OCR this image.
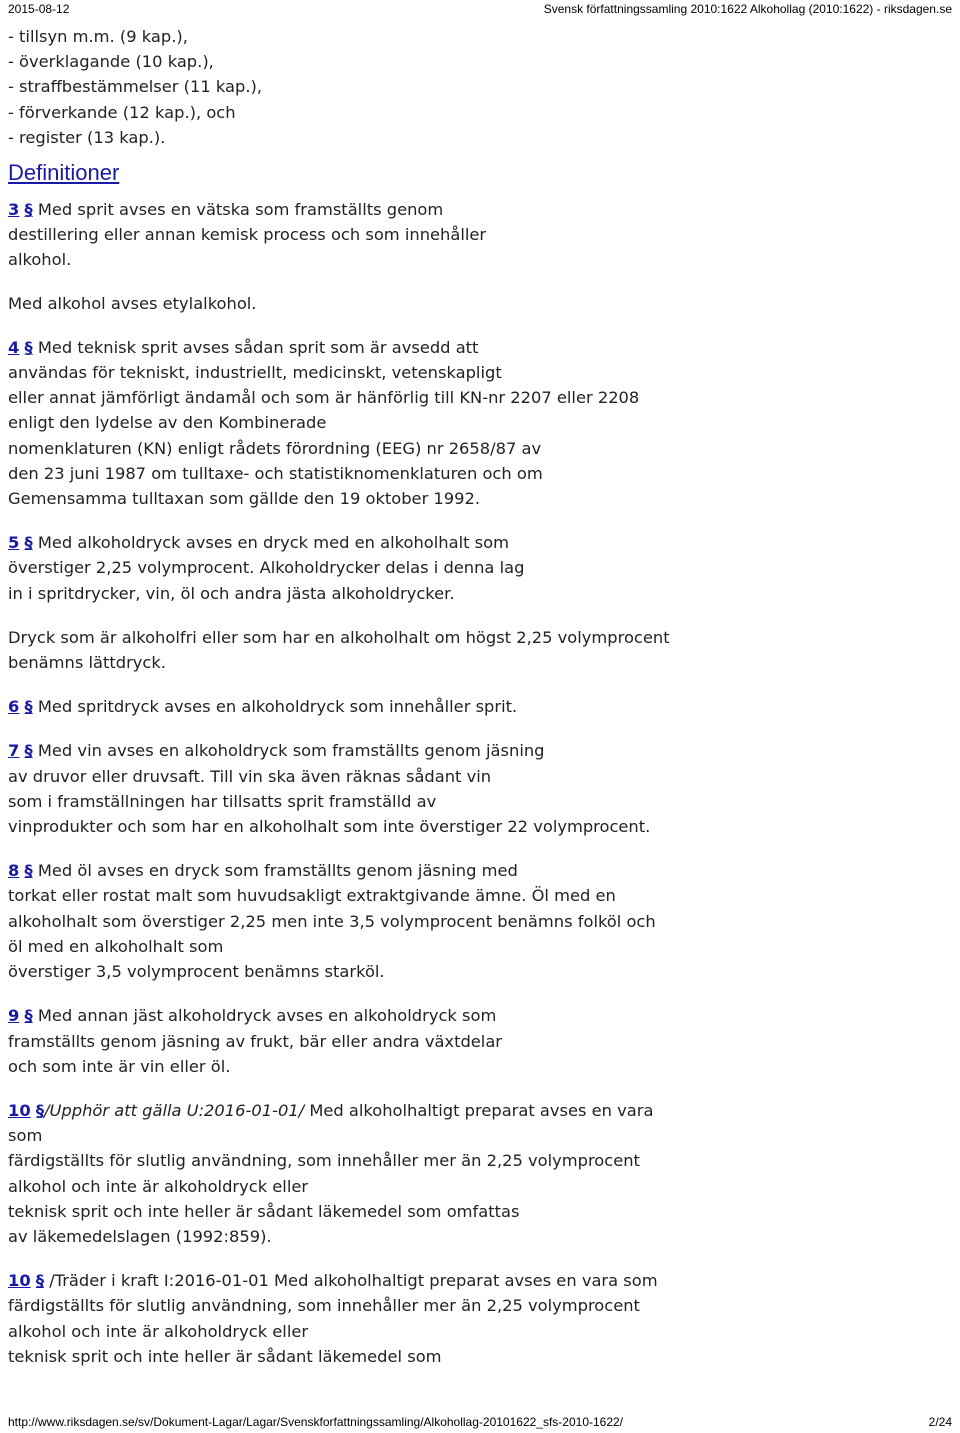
2015-08-12	Svensk författningssamling 2010:1622 Alkohollag (2010:1622) - riksdagen.se
- tillsyn m.m. (9 kap.),
- överklagande (10 kap.),
- straffbestämmelser (11 kap.),
- förverkande (12 kap.), och
- register (13 kap.).
Definitioner
3 § Med sprit avses en vätska som framställts genom
destillering eller annan kemisk process och som innehåller
alkohol.
Med alkohol avses etylalkohol.
4 § Med teknisk sprit avses sådan sprit som är avsedd att
användas för tekniskt, industriellt, medicinskt, vetenskapligt
eller annat jämförligt ändamål och som är hänförlig till KN-nr 2207 eller 2208
enligt den lydelse av den Kombinerade
nomenklaturen (KN) enligt rådets förordning (EEG) nr 2658/87 av
den 23 juni 1987 om tulltaxe- och statistiknomenklaturen och om
Gemensamma tulltaxan som gällde den 19 oktober 1992.
5 § Med alkoholdryck avses en dryck med en alkoholhalt som
överstiger 2,25 volymprocent. Alkoholdrycker delas i denna lag
in i spritdrycker, vin, öl och andra jästa alkoholdrycker.
Dryck som är alkoholfri eller som har en alkoholhalt om högst 2,25 volymprocent
benämns lättdryck.
6 § Med spritdryck avses en alkoholdryck som innehåller sprit.
7 § Med vin avses en alkoholdryck som framställts genom jäsning
av druvor eller druvsaft. Till vin ska även räknas sådant vin
som i framställningen har tillsatts sprit framställd av
vinprodukter och som har en alkoholhalt som inte överstiger 22 volymprocent.
8 § Med öl avses en dryck som framställts genom jäsning med
torkat eller rostat malt som huvudsakligt extraktgivande ämne. Öl med en
alkoholhalt som överstiger 2,25 men inte 3,5 volymprocent benämns folköl och
öl med en alkoholhalt som
överstiger 3,5 volymprocent benämns starköl.
9 § Med annan jäst alkoholdryck avses en alkoholdryck som
framställts genom jäsning av frukt, bär eller andra växtdelar
och som inte är vin eller öl.
10 §/Upphör att gälla U:2016-01-01/ Med alkoholhaltigt preparat avses en vara
som
färdigställts för slutlig användning, som innehåller mer än 2,25 volymprocent
alkohol och inte är alkoholdryck eller
teknisk sprit och inte heller är sådant läkemedel som omfattas
av läkemedelslagen (1992:859).
10 § /Träder i kraft I:2016-01-01 Med alkoholhaltigt preparat avses en vara som
färdigställts för slutlig användning, som innehåller mer än 2,25 volymprocent
alkohol och inte är alkoholdryck eller
teknisk sprit och inte heller är sådant läkemedel som
http://www.riksdagen.se/sv/Dokument-Lagar/Lagar/Svenskforfattningssamling/Alkohollag-20101622_sfs-2010-1622/	2/24
